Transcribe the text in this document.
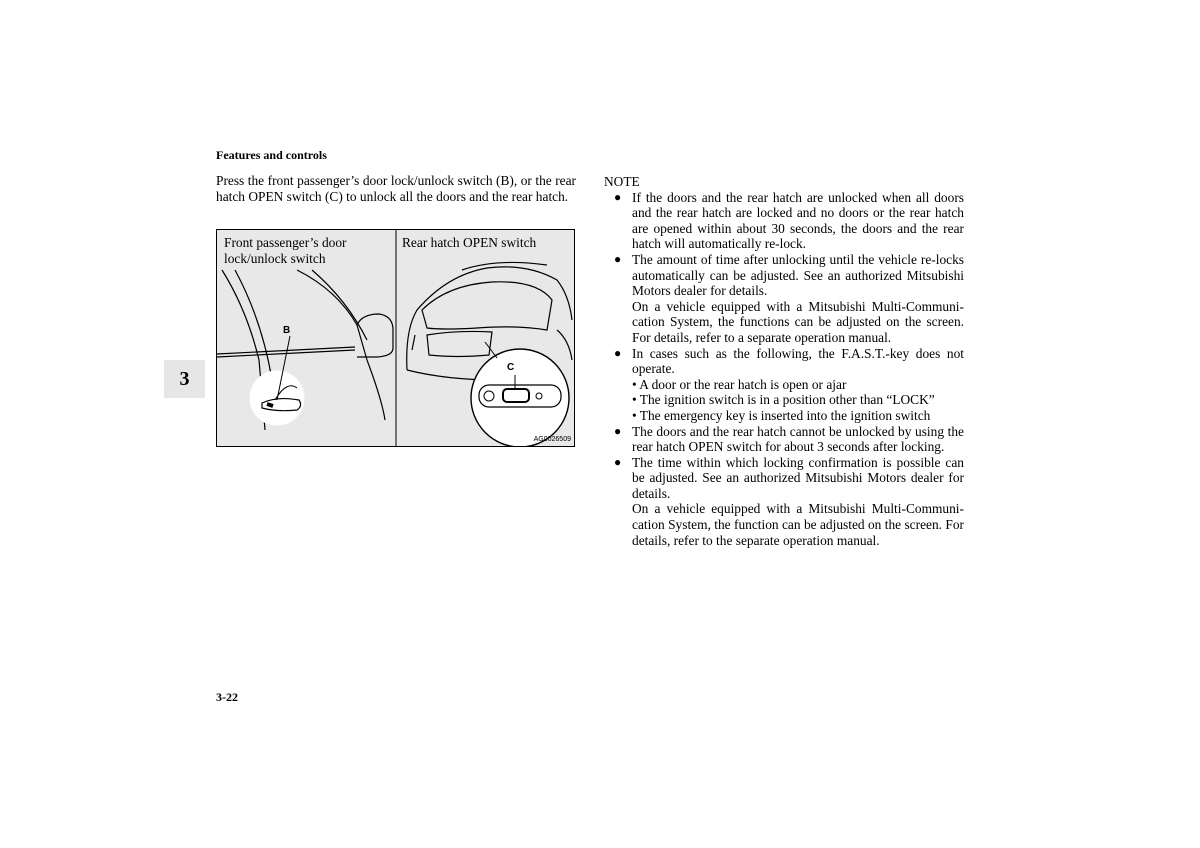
Features and controls
Press the front passenger’s door lock/unlock switch (B), or the rear hatch OPEN switch (C) to unlock all the doors and the rear hatch.
3
B
C
Front passenger’s door lock/unlock switch
Rear hatch OPEN switch
AG0026509
NOTE
● If the doors and the rear hatch are unlocked when all doors and the rear hatch are locked and no doors or the rear hatch are opened within about 30 seconds, the doors and the rear hatch will automatically re-lock.
● The amount of time after unlocking until the vehicle re-locks automatically can be adjusted. See an authorized Mitsubishi Motors dealer for details.
On a vehicle equipped with a Mitsubishi Multi-Communi-cation System, the functions can be adjusted on the screen. For details, refer to a separate operation manual.
● In cases such as the following, the F.A.S.T.-key does not operate.
• A door or the rear hatch is open or ajar
• The ignition switch is in a position other than “LOCK”
• The emergency key is inserted into the ignition switch
● The doors and the rear hatch cannot be unlocked by using the rear hatch OPEN switch for about 3 seconds after locking.
● The time within which locking confirmation is possible can be adjusted. See an authorized Mitsubishi Motors dealer for details.
On a vehicle equipped with a Mitsubishi Multi-Communi-cation System, the function can be adjusted on the screen. For details, refer to the separate operation manual.
3-22
